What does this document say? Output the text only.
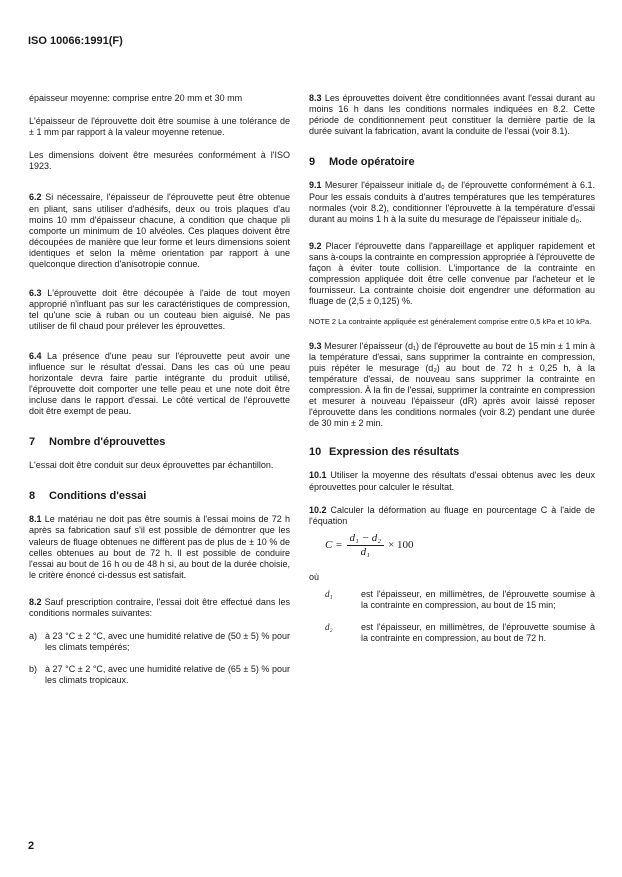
ISO 10066:1991(F)

épaisseur moyenne: comprise entre 20 mm et 30 mm

L'épaisseur de l'éprouvette doit être soumise à une tolérance de ± 1 mm par rapport à la valeur moyenne retenue.

Les dimensions doivent être mesurées conformément à l'ISO 1923.

6.2 Si nécessaire, l'épaisseur de l'éprouvette peut être obtenue en pliant, sans utiliser d'adhésifs, deux ou trois plaques d'au moins 10 mm d'épaisseur chacune, à condition que chaque pli comporte un minimum de 10 alvéoles. Ces plaques doivent être découpées de manière que leur forme et leurs dimensions soient identiques et selon la même orientation par rapport à une quelconque direction d'anisotropie connue.

6.3 L'éprouvette doit être découpée à l'aide de tout moyen approprié n'influant pas sur les caractéristiques de compression, tel qu'une scie à ruban ou un couteau bien aiguisé. Ne pas utiliser de fil chaud pour prélever les éprouvettes.

6.4 La présence d'une peau sur l'éprouvette peut avoir une influence sur le résultat d'essai. Dans les cas où une peau horizontale devra faire partie intégrante du produit utilisé, l'éprouvette doit comporter une telle peau et une note doit être incluse dans le rapport d'essai. Le côté vertical de l'éprouvette doit être exempt de peau.

7 Nombre d'éprouvettes

L'essai doit être conduit sur deux éprouvettes par échantillon.

8 Conditions d'essai

8.1 Le matériau ne doit pas être soumis à l'essai moins de 72 h après sa fabrication sauf s'il est possible de démontrer que les valeurs de fluage obtenues ne diffèrent pas de plus de ± 10 % de celles obtenues au bout de 72 h. Il est possible de conduire l'essai au bout de 16 h ou de 48 h si, au bout de la durée choisie, le critère énoncé ci-dessus est satisfait.

8.2 Sauf prescription contraire, l'essai doit être effectué dans les conditions normales suivantes:

a) à 23 °C ± 2 °C, avec une humidité relative de (50 ± 5) % pour les climats tempérés;
b) à 27 °C ± 2 °C, avec une humidité relative de (65 ± 5) % pour les climats tropicaux.

8.3 Les éprouvettes doivent être conditionnées avant l'essai durant au moins 16 h dans les conditions normales indiquées en 8.2. Cette période de conditionnement peut constituer la dernière partie de la durée suivant la fabrication, avant la conduite de l'essai (voir 8.1).

9 Mode opératoire

9.1 Mesurer l'épaisseur initiale d₀ de l'éprouvette conformément à 6.1. Pour les essais conduits à d'autres températures que les températures normales (voir 8.2), conditionner l'éprouvette à la température d'essai durant au moins 1 h à la suite du mesurage de l'épaisseur initiale d₀.

9.2 Placer l'éprouvette dans l'appareillage et appliquer rapidement et sans à-coups la contrainte en compression appropriée à l'éprouvette de façon à éviter toute collision. L'importance de la contrainte en compression appliquée doit être celle convenue par l'acheteur et le fournisseur. La contrainte choisie doit engendrer une déformation au fluage de (2,5 ± 0,125) %.

NOTE 2 La contrainte appliquée est généralement comprise entre 0,5 kPa et 10 kPa.

9.3 Mesurer l'épaisseur (d₁) de l'éprouvette au bout de 15 min ± 1 min à la température d'essai, sans supprimer la contrainte en compression, puis répéter le mesurage (d₂) au bout de 72 h ± 0,25 h, à la température d'essai, de nouveau sans supprimer la contrainte en compression. À la fin de l'essai, supprimer la contrainte en compression et mesurer à nouveau l'épaisseur (dR) après avoir laissé reposer l'éprouvette dans les conditions normales (voir 8.2) pendant une durée de 30 min ± 2 min.

10 Expression des résultats

10.1 Utiliser la moyenne des résultats d'essai obtenus avec les deux éprouvettes pour calculer le résultat.

10.2 Calculer la déformation au fluage en pourcentage C à l'aide de l'équation

$C = \frac{\text{d₁ − d₂}}{\text{d₁}} \times 100$
où
d₁	est l'épaisseur, en millimètres, de l'éprouvette soumise à la contrainte en compression, au bout de 15 min;
d₂	est l'épaisseur, en millimètres, de l'éprouvette soumise à la contrainte en compression, au bout de 72 h.
2
